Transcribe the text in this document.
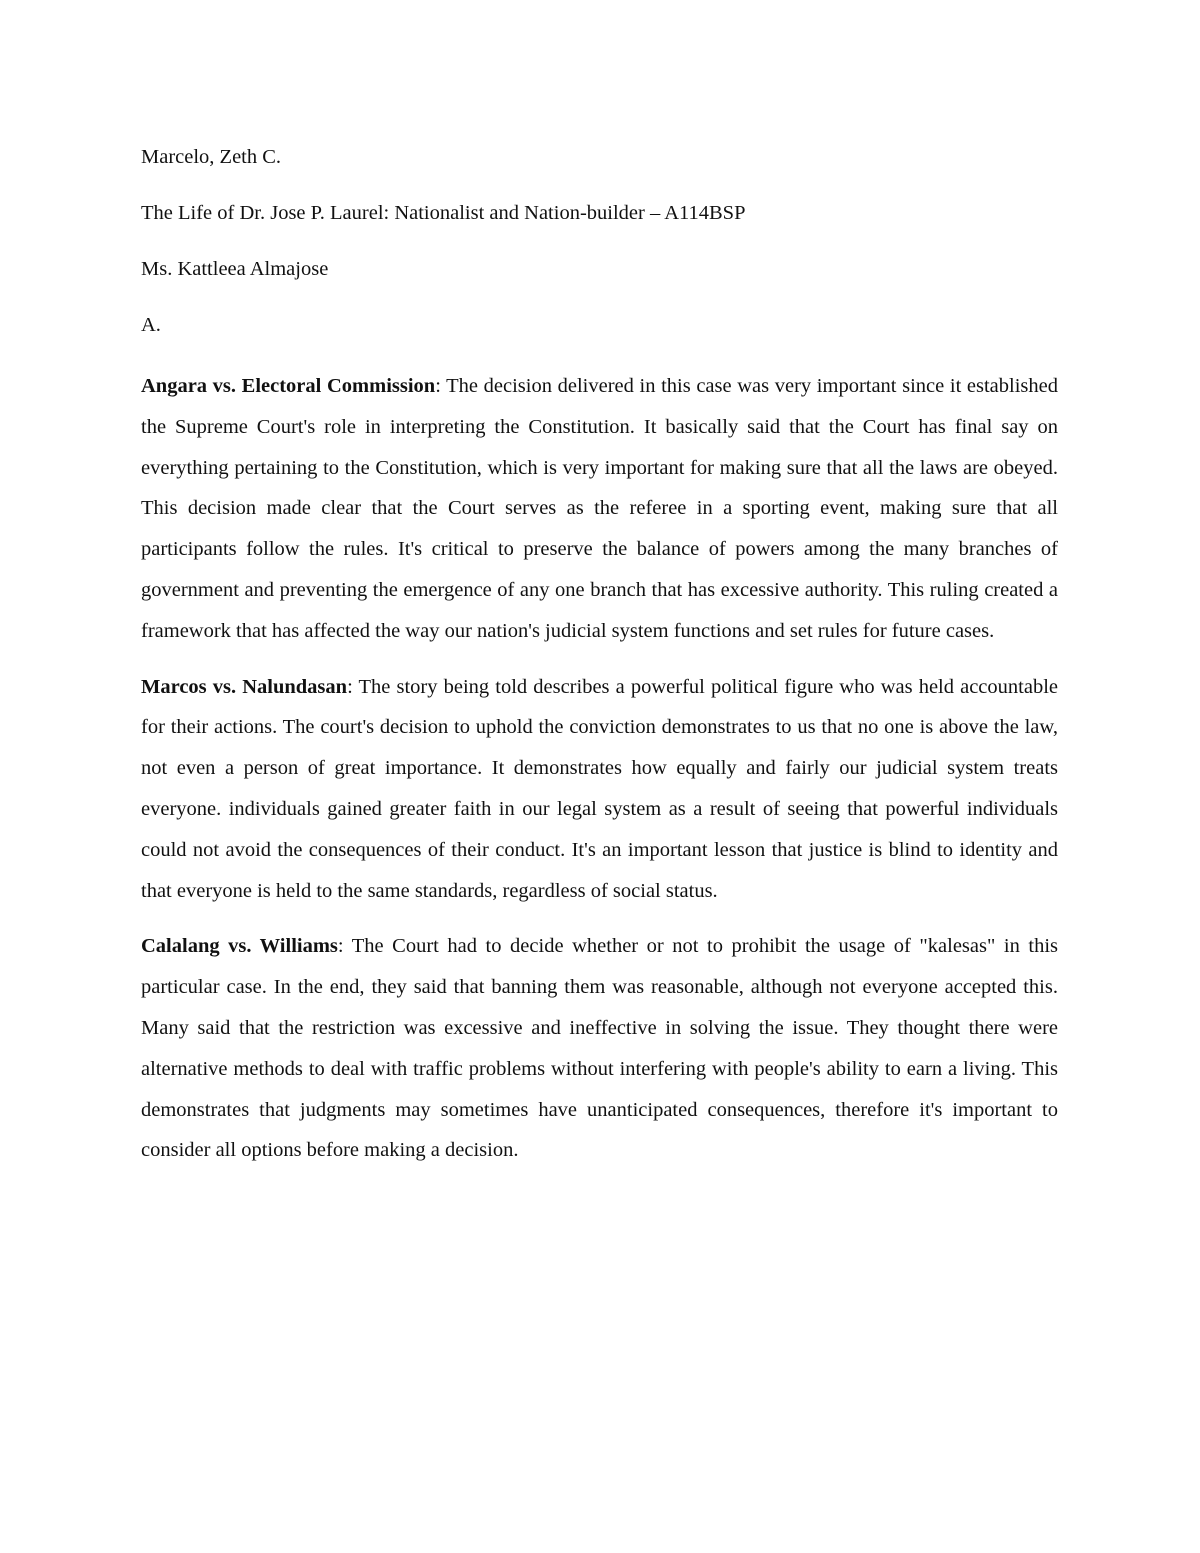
Marcelo, Zeth C.

The Life of Dr. Jose P. Laurel: Nationalist and Nation-builder – A114BSP

Ms. Kattleea Almajose

A.

Angara vs. Electoral Commission: The decision delivered in this case was very important since it established the Supreme Court's role in interpreting the Constitution. It basically said that the Court has final say on everything pertaining to the Constitution, which is very important for making sure that all the laws are obeyed. This decision made clear that the Court serves as the referee in a sporting event, making sure that all participants follow the rules. It's critical to preserve the balance of powers among the many branches of government and preventing the emergence of any one branch that has excessive authority. This ruling created a framework that has affected the way our nation's judicial system functions and set rules for future cases.

Marcos vs. Nalundasan: The story being told describes a powerful political figure who was held accountable for their actions. The court's decision to uphold the conviction demonstrates to us that no one is above the law, not even a person of great importance. It demonstrates how equally and fairly our judicial system treats everyone. individuals gained greater faith in our legal system as a result of seeing that powerful individuals could not avoid the consequences of their conduct. It's an important lesson that justice is blind to identity and that everyone is held to the same standards, regardless of social status.

Calalang vs. Williams: The Court had to decide whether or not to prohibit the usage of "kalesas" in this particular case. In the end, they said that banning them was reasonable, although not everyone accepted this. Many said that the restriction was excessive and ineffective in solving the issue. They thought there were alternative methods to deal with traffic problems without interfering with people's ability to earn a living. This demonstrates that judgments may sometimes have unanticipated consequences, therefore it's important to consider all options before making a decision.
